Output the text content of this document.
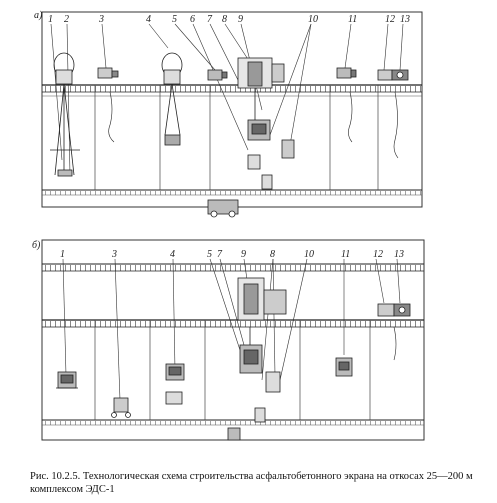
а) 1 2	3	4 5 6 7 8 9	10	11	12 13
б)
1	3	4	5 7 9 8	10	11 12 13

Рис. 10.2.5. Технологическая схема строительства асфальтобетонного экрана на откосах 25—200 м комплексом ЭДС-1
